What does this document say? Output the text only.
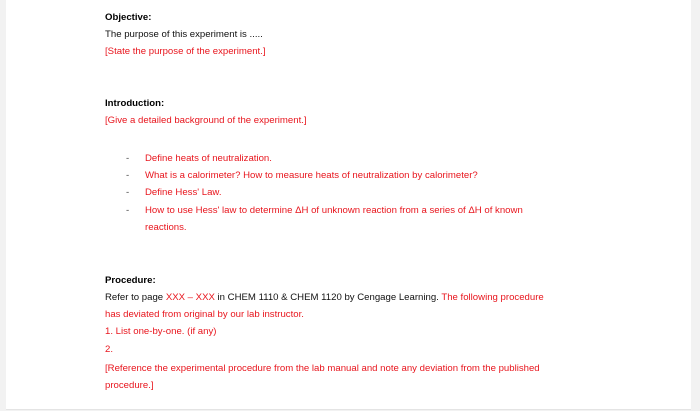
Objective:
The purpose of this experiment is .....
[State the purpose of the experiment.]
Introduction:
[Give a detailed background of the experiment.]
- Define heats of neutralization.
- What is a calorimeter? How to measure heats of neutralization by calorimeter?
- Define Hess' Law.
- How to use Hess' law to determine ΔH of unknown reaction from a series of ΔH of known
reactions.
Procedure:
Refer to page XXX – XXX in CHEM 1110 & CHEM 1120 by Cengage Learning. The following procedure
has deviated from original by our lab instructor.
1. List one-by-one. (if any)
2.
[Reference the experimental procedure from the lab manual and note any deviation from the published
procedure.]
